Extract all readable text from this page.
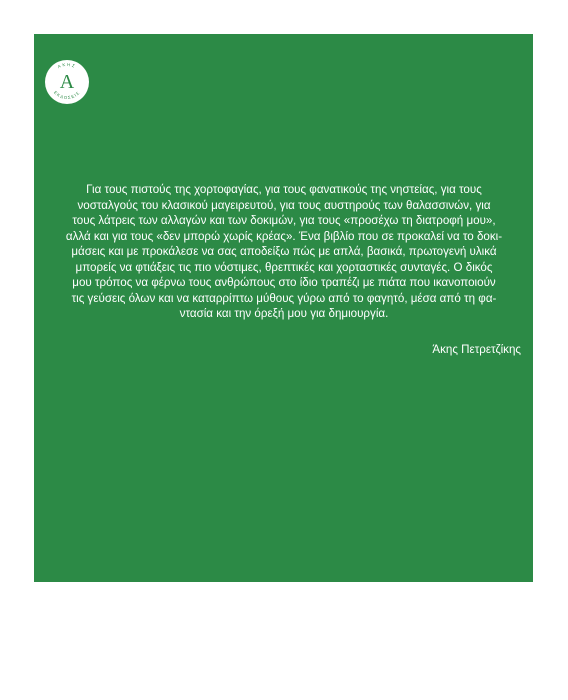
ΑΚΗΣ
ΕΚΔΟΣΕΙΣ
Α

Για τους πιστούς της χορτοφαγίας, για τους φανατικούς της νηστείας, για τους
νοσταλγούς του κλασικού μαγειρευτού, για τους αυστηρούς των θαλασσινών, για
τους λάτρεις των αλλαγών και των δοκιμών, για τους «προσέχω τη διατροφή μου»,
αλλά και για τους «δεν μπορώ χωρίς κρέας». Ένα βιβλίο που σε προκαλεί να το δοκι-
μάσεις και με προκάλεσε να σας αποδείξω πώς με απλά, βασικά, πρωτογενή υλικά
μπορείς να φτιάξεις τις πιο νόστιμες, θρεπτικές και χορταστικές συνταγές. Ο δικός
μου τρόπος να φέρνω τους ανθρώπους στο ίδιο τραπέζι με πιάτα που ικανοποιούν
τις γεύσεις όλων και να καταρρίπτω μύθους γύρω από το φαγητό, μέσα από τη φα-
ντασία και την όρεξή μου για δημιουργία.

Άκης Πετρετζίκης
